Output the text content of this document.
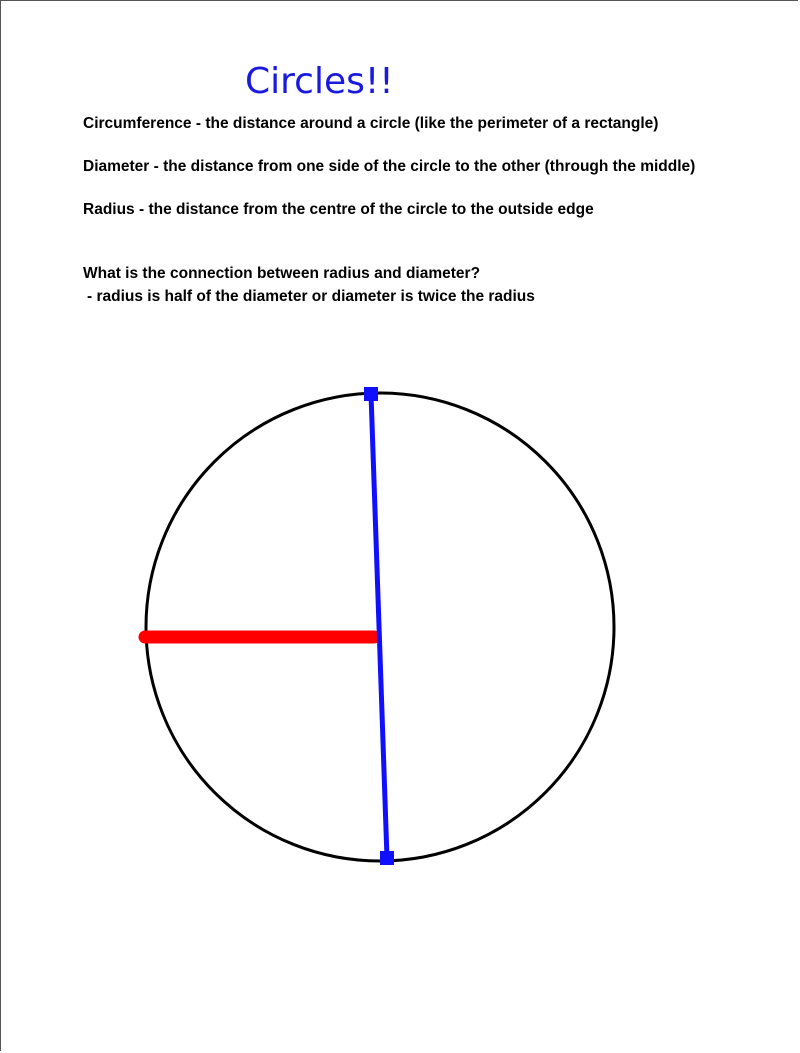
Circles!!
Circumference - the distance around a circle (like the perimeter of a rectangle)
Diameter - the distance from one side of the circle to the other (through the middle)
Radius - the distance from the centre of the circle to the outside edge
What is the connection between radius and diameter?
- radius is half of the diameter or diameter is twice the radius
